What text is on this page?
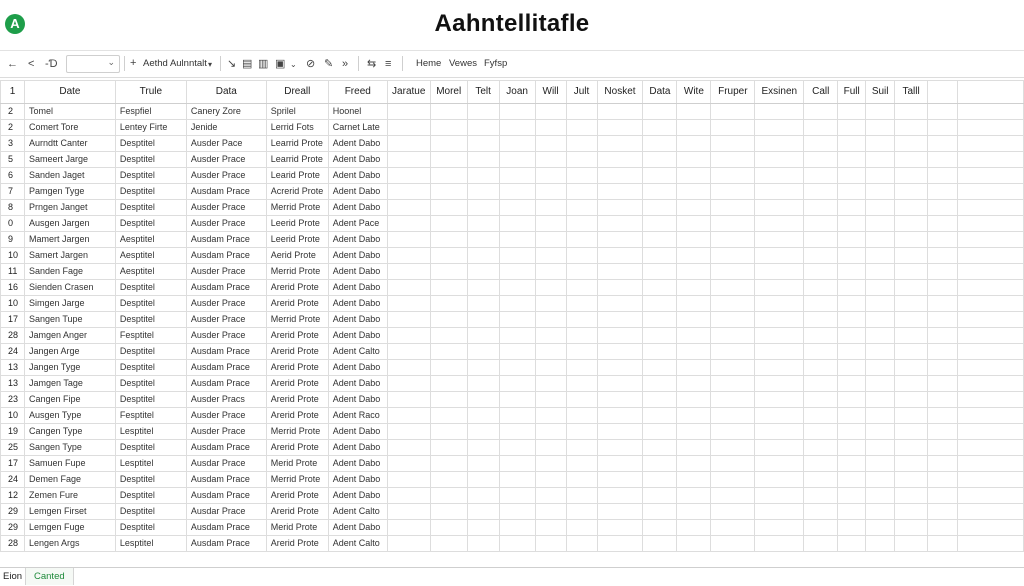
A	Aahntellitafle
← < -Ɗ	⌄ + Aethd Aulnntalt ▾ ↘ ▤ ▥ ▣ ⌄ ⊘ ✎ » ⇆ ≡	Heme Vewes Fyfsp
1	Date	Trule	Data	Dreall	Freed	Jaratue	Morel	Telt	Joan	Will	Jult	Nosket	Data	Wite	Fruper	Exsinen	Call	Full	Suil	Talll		
2	Tomel	Fespfiel	Canery Zore	Sprilel	Hoonel																	
2	Comert Tore	Lentey Firte	Jenide	Lerrid Fots	Carnet Late																	
3	Aurndtt Canter	Desptitel	Ausder Pace	Learrid Prote	Adent Dabo																	
5	Sameert Jarge	Desptitel	Ausder Prace	Learrid Prote	Adent Dabo																	
6	Sanden Jaget	Desptitel	Ausder Prace	Learid Prote	Adent Dabo																	
7	Pamgen Tyge	Desptitel	Ausdam Prace	Acrerid Prote	Adent Dabo																	
8	Prngen Janget	Desptitel	Ausder Prace	Merrid Prote	Adent Dabo																	
0	Ausgen Jargen	Desptitel	Ausder Prace	Leerid Prote	Adent Pace																	
9	Mamert Jargen	Aesptitel	Ausdam Prace	Leerid Prote	Adent Dabo																	
10	Samert Jargen	Aesptitel	Ausdam Prace	Aerid Prote	Adent Dabo																	
11	Sanden Fage	Aesptitel	Ausder Prace	Merrid Prote	Adent Dabo																	
16	Sienden Crasen	Desptitel	Ausdam Prace	Arerid Prote	Adent Dabo																	
10	Simgen Jarge	Desptitel	Ausder Prace	Arerid Prote	Adent Dabo																	
17	Sangen Tupe	Desptitel	Ausder Prace	Merrid Prote	Adent Dabo																	
28	Jamgen Anger	Fesptitel	Ausder Prace	Arerid Prote	Adent Dabo																	
24	Jangen Arge	Desptitel	Ausdam Prace	Arerid Prote	Adent Calto																	
13	Jangen Tyge	Desptitel	Ausdam Prace	Arerid Prote	Adent Dabo																	
13	Jamgen Tage	Desptitel	Ausdam Prace	Arerid Prote	Adent Dabo																	
23	Cangen Fipe	Desptitel	Ausder Pracs	Arerid Prote	Adent Dabo																	
10	Ausgen Type	Fesptitel	Ausder Prace	Arerid Prote	Adent Raco																	
19	Cangen Type	Lesptitel	Ausder Prace	Merrid Prote	Adent Dabo																	
25	Sangen Type	Desptitel	Ausdam Prace	Arerid Prote	Adent Dabo																	
17	Samuen Fupe	Lesptitel	Ausdar Prace	Merid Prote	Adent Dabo																	
24	Demen Fage	Desptitel	Ausdam Prace	Merrid Prote	Adent Dabo																	
12	Zemen Fure	Desptitel	Ausdam Prace	Arerid Prote	Adent Dabo																	
29	Lemgen Firset	Desptitel	Ausdar Prace	Arerid Prote	Adent Calto																	
29	Lemgen Fuge	Desptitel	Ausdam Prace	Merid Prote	Adent Dabo																	
28	Lengen Args	Lesptitel	Ausdam Prace	Arerid Prote	Adent Calto																	
Eion	Canted
